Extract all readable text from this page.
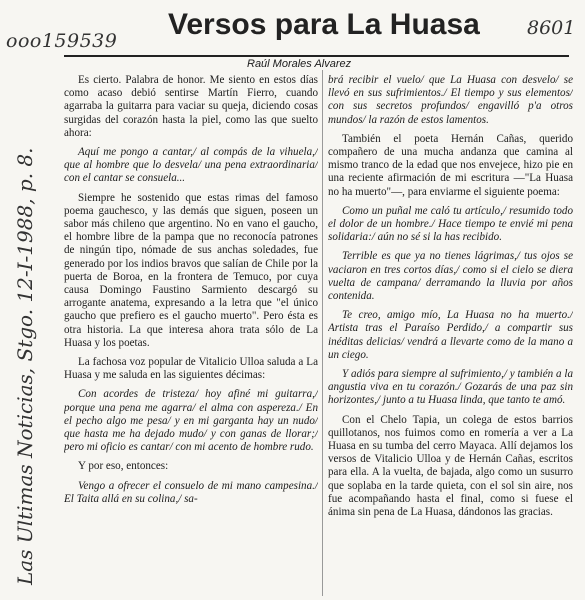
ooo159539
8601
Las Ultimas Noticias, Stgo. 12-I-1988, p. 8.
Versos para La Huasa
Raúl Morales Alvarez

Es cierto. Palabra de honor. Me siento en estos días como acaso debió sentirse Martín Fierro, cuando agarraba la guitarra para vaciar su queja, diciendo cosas surgidas del corazón hasta la piel, como las que suelto ahora:

Aquí me pongo a cantar,/ al compás de la vihuela,/ que al hombre que lo desvela/ una pena extraordinaria/ con el cantar se consuela...

Siempre he sostenido que estas rimas del famoso poema gauchesco, y las demás que siguen, poseen un sabor más chileno que argentino. No en vano el gaucho, el hombre libre de la pampa que no reconocía patrones de ningún tipo, nómade de sus anchas soledades, fue generado por los indios bravos que salían de Chile por la puerta de Boroa, en la frontera de Temuco, por cuya causa Domingo Faustino Sarmiento descargó su arrogante anatema, expresando a la letra que "el único gaucho que prefiero es el gaucho muerto". Pero ésta es otra historia. La que interesa ahora trata sólo de La Huasa y los poetas.

La fachosa voz popular de Vitalicio Ulloa saluda a La Huasa y me saluda en las siguientes décimas:

Con acordes de tristeza/ hoy afiné mi guitarra,/ porque una pena me agarra/ el alma con aspereza./ En el pecho algo me pesa/ y en mi garganta hay un nudo/ que hasta me ha dejado mudo/ y con ganas de llorar;/ pero mi oficio es cantar/ con mi acento de hombre rudo.

Y por eso, entonces:

Vengo a ofrecer el consuelo de mi mano campesina./ El Taita allá en su colina,/ sa-

brá recibir el vuelo/ que La Huasa con desvelo/ se llevó en sus sufrimientos./ El tiempo y sus elementos/ con sus secretos profundos/ engavilló p'a otros mundos/ la razón de estos lamentos.

También el poeta Hernán Cañas, querido compañero de una mucha andanza que camina al mismo tranco de la edad que nos envejece, hizo pie en una reciente afirmación de mi escritura —"La Huasa no ha muerto"—, para enviarme el siguiente poema:

Como un puñal me caló tu artículo,/ resumido todo el dolor de un hombre./ Hace tiempo te envié mi pena solidaria:/ aún no sé si la has recibido.

Terrible es que ya no tienes lágrimas,/ tus ojos se vaciaron en tres cortos días,/ como si el cielo se diera vuelta de campana/ derramando la lluvia por años contenida.

Te creo, amigo mío, La Huasa no ha muerto./ Artista tras el Paraíso Perdido,/ a compartir sus inéditas delicias/ vendrá a llevarte como de la mano a un ciego.

Y adiós para siempre al sufrimiento,/ y también a la angustia viva en tu corazón./ Gozarás de una paz sin horizontes,/ junto a tu Huasa linda, que tanto te amó.

Con el Chelo Tapia, un colega de estos barrios quillotanos, nos fuimos como en romería a ver a La Huasa en su tumba del cerro Mayaca. Allí dejamos los versos de Vitalicio Ulloa y de Hernán Cañas, escritos para ella. A la vuelta, de bajada, algo como un susurro que soplaba en la tarde quieta, con el sol sin aire, nos fue acompañando hasta el final, como si fuese el ánima sin pena de La Huasa, dándonos las gracias.
